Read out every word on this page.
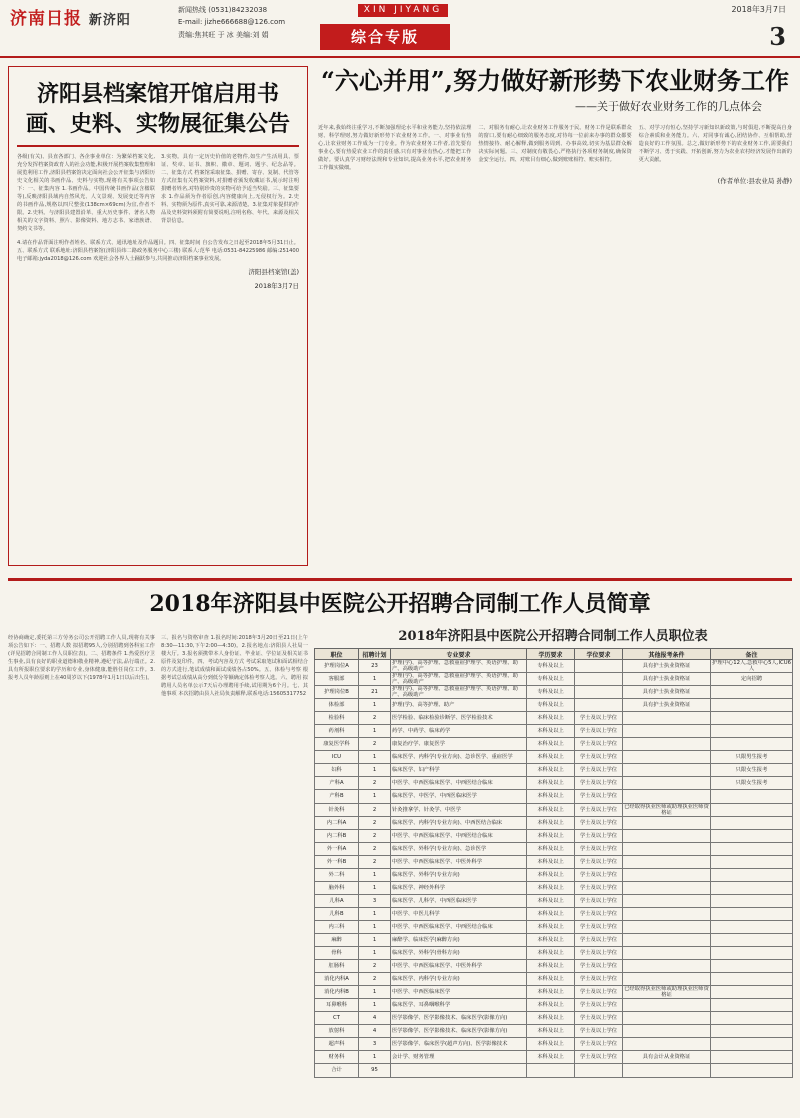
济南日报 新济阳
新闻热线 (0531)84232038
E-mail: jizhe666688@126.com
责编:焦其旺 于 冰 美编:刘 娟
XIN JIYANG	2018年3月7日
综合专版	3
济阳县档案馆开馆启用书画、史料、实物展征集公告
各级(有关)、县直各部门、各企事业单位：为繁荣档案文化,充分发挥档案资政育人的社会功能,积极开展档案收集整理和展览利用工作,济阳县档案馆决定面向社会公开征集与济阳历史文化相关的书画作品、史料与实物,现将有关事项公告如下：一、征集内容 1.书画作品。中国传统书画作品(含楹联等),反映济阳县域内自然风光、人文景观、发展变迁等内容的书画作品,规格以四尺整张(138cm×69cm)为宜,作者不限。2.史料。与济阳县建置沿革、重大历史事件、著名人物相关的文字资料、照片、影像资料、地方志书、家谱族谱、契约文书等。
3.实物。具有一定历史价值的老物件,如生产生活用具、票证、奖章、证书、旗帜、徽章、题词、题字、纪念品等。二、征集方式 档案馆采取征集、捐赠、寄存、复制、代管等方式征集有关档案资料,对捐赠者颁发收藏证书,展示时注明捐赠者姓名,对特别珍贵的实物可给予适当奖励。三、征集要求 1.作品须为作者原创,内容健康向上,无侵权行为。2.史料、实物须为原件,真实可靠,来源清楚。3.征集对象提供的作品及史料资料须附有简要说明,注明名称、年代、来源及相关背景信息。
4.请在作品背面注明作者姓名、联系方式、通讯地址及作品题目。四、征集时间 自公告发布之日起至2018年5月31日止。五、联系方式 联系地址:济阳县档案馆(济阳县纬二路政务服务中心三楼) 联系人:范华 电话:0531-84225986 邮编:251400 电子邮箱:jyda2018@126.com 欢迎社会各界人士踊跃参与,共同推动济阳档案事业发展。
济阳县档案馆(盖)
2018年3月7日
“六心并用”,努力做好新形势下农业财务工作
——关于做好农业财务工作的几点体会
近年来,我始终注重学习,不断加强理论水平和业务能力,坚持依法理财、科学理财,努力做好新形势下农业财务工作。一、对事业有热心,让农业财务工作成为一门专业。作为农业财务工作者,首先要有事业心,要有热爱农业工作的责任感,只有对事业有热心,才能把工作做好。要认真学习财经法规和专业知识,提高业务水平,把农业财务工作做实做细。
二、对服务有耐心,让农业财务工作服务于民。财务工作是联系群众的窗口,要有耐心细致的服务态度,对待每一位前来办事的群众都要热情接待、耐心解释,做到服务周到、办事高效,切实为基层群众解决实际问题。三、对制度有敬畏心,严格执行各项财务制度,确保资金安全运行。四、对账目有细心,做到账账相符、账实相符。
五、对学习有恒心,坚持学习新知识新政策,与时俱进,不断提高自身综合素质和业务能力。六、对同事有诚心,团结协作、互相帮助,营造良好的工作氛围。总之,做好新形势下的农业财务工作,需要我们不断学习、勇于实践、开拓创新,努力为农业农村经济发展作出新的更大贡献。
(作者单位:县农业局 孙静)
2018年济阳县中医院公开招聘合同制工作人员简章
经协商确定,委托第三方劳务公司公开招聘工作人员,现将有关事项公告如下：一、招聘人数 拟招聘95人,分别招聘到各科室工作(详见招聘合同制工作人员职位表)。二、招聘条件 1.热爱医疗卫生事业,具有良好的职业道德和敬业精神,遵纪守法,品行端正。2.具有所报职位要求的学历和专业,身体健康,能胜任岗位工作。3.报考人员年龄原则上在40周岁以下(1978年1月1日以后出生)。
三、报名与资格审查 1.报名时间:2018年3月20日至21日(上午8:30—11:30,下午2:00—4:30)。2.报名地点:济阳县人社局一楼大厅。3.报名须携带本人身份证、毕业证、学位证及相关证书原件及复印件。四、考试内容及方式 考试采取笔试和面试相结合的方式进行,笔试成绩和面试成绩各占50%。五、体检与考察 根据考试总成绩从高分到低分等额确定体检考察人选。六、聘用 拟聘用人员名单公示7天后办理聘用手续,试用期为6个月。七、其他事项 本次招聘由县人社局负责解释,联系电话:15605317752
2018年济阳县中医院公开招聘合同制工作人员职位表
职位	招聘计划	专业要求	学历要求	学位要求	其他报考条件	备注
护理岗位A	23	护理(学)、高等护理、急救重症护理学、英语护理、助产、高级助产	专科及以上		具有护士执业资格证	护理中心12人,急救中心5人,ICU6人
客服部	1	护理(学)、高等护理、急救重症护理学、英语护理、助产、高级助产	专科及以上		具有护士执业资格证	定向招聘
护理岗位B	21	护理(学)、高等护理、急救重症护理学、英语护理、助产、高级助产	专科及以上		具有护士执业资格证	
体检部	1	护理(学)、高等护理、助产	专科及以上		具有护士执业资格证	
检验科	2	医学检验、临床检验诊断学、医学检验技术	本科及以上	学士及以上学位		
药剂科	1	药学、中药学、临床药学	本科及以上	学士及以上学位		
康复医学科	2	康复治疗学、康复医学	本科及以上	学士及以上学位		
ICU	1	临床医学、内科学(专业方向)、急诊医学、重症医学	本科及以上	学士及以上学位		只限男生报考
妇科	1	临床医学、妇产科学	本科及以上	学士及以上学位		只限女生报考
产科A	2	中医学、中西医临床医学、中西医结合临床	本科及以上	学士及以上学位		只限女生报考
产科B	1	临床医学、中医学、中西医临床医学	本科及以上	学士及以上学位		
针灸科	2	针灸推拿学、针灸学、中医学	本科及以上	学士及以上学位	已经取得执业医师或助理执业医师资格证	
内二科A	2	临床医学、内科学(专业方向)、中西医结合临床	本科及以上	学士及以上学位		
内二科B	2	中医学、中西医临床医学、中西医结合临床	本科及以上	学士及以上学位		
外一科A	2	临床医学、外科学(专业方向)、急诊医学	本科及以上	学士及以上学位		
外一科B	2	中医学、中西医临床医学、中医外科学	本科及以上	学士及以上学位		
外二科	1	临床医学、外科学(专业方向)	本科及以上	学士及以上学位		
脑外科	1	临床医学、神经外科学	本科及以上	学士及以上学位		
儿科A	3	临床医学、儿科学、中西医临床医学	本科及以上	学士及以上学位		
儿科B	1	中医学、中医儿科学	本科及以上	学士及以上学位		
内三科	1	中医学、中西医临床医学、中西医结合临床	本科及以上	学士及以上学位		
麻醉	1	麻醉学、临床医学(麻醉方向)	本科及以上	学士及以上学位		
骨科	1	临床医学、外科学(骨科方向)	本科及以上	学士及以上学位		
肛肠科	2	中医学、中西医临床医学、中医外科学	本科及以上	学士及以上学位		
消化内科A	2	临床医学、内科学(专业方向)	本科及以上	学士及以上学位		
消化内科B	1	中医学、中西医临床医学	本科及以上	学士及以上学位	已经取得执业医师或助理执业医师资格证	
耳鼻喉科	1	临床医学、耳鼻咽喉科学	本科及以上	学士及以上学位		
CT	4	医学影像学、医学影像技术、临床医学(影像方向)	本科及以上	学士及以上学位		
放射科	4	医学影像学、医学影像技术、临床医学(影像方向)	本科及以上	学士及以上学位		
超声科	3	医学影像学、临床医学(超声方向)、医学影像技术	本科及以上	学士及以上学位		
财务科	1	会计学、财务管理	本科及以上	学士及以上学位	具有会计从业资格证	
合计	95					
